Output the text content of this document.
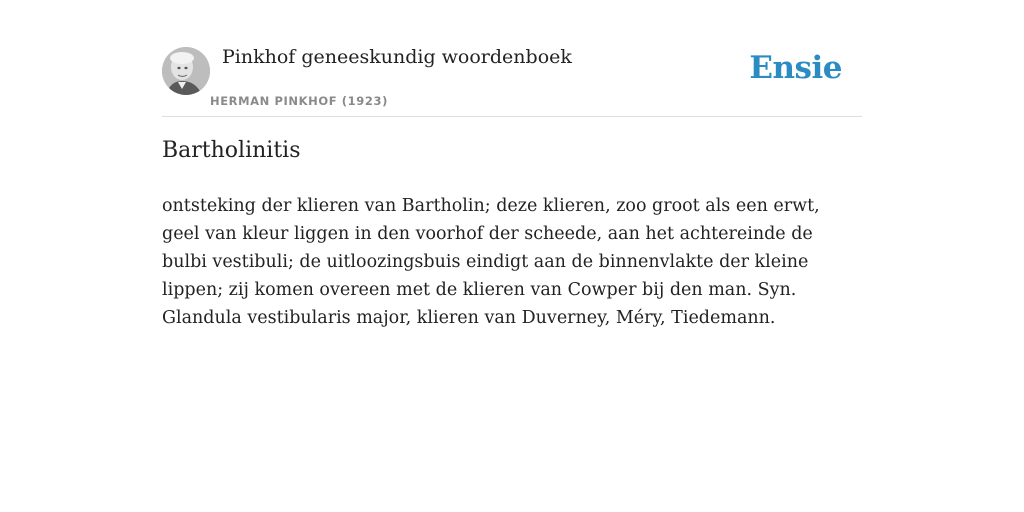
Pinkhof geneeskundig woordenboek
HERMAN PINKHOF (1923)
Ensie
Bartholinitis

ontsteking der klieren van Bartholin; deze klieren, zoo groot als een erwt, geel van kleur liggen in den voorhof der scheede, aan het achtereinde de bulbi vestibuli; de uitloozingsbuis eindigt aan de binnenvlakte der kleine lippen; zij komen overeen met de klieren van Cowper bij den man. Syn. Glandula vestibularis major, klieren van Duverney, Méry, Tiedemann.
